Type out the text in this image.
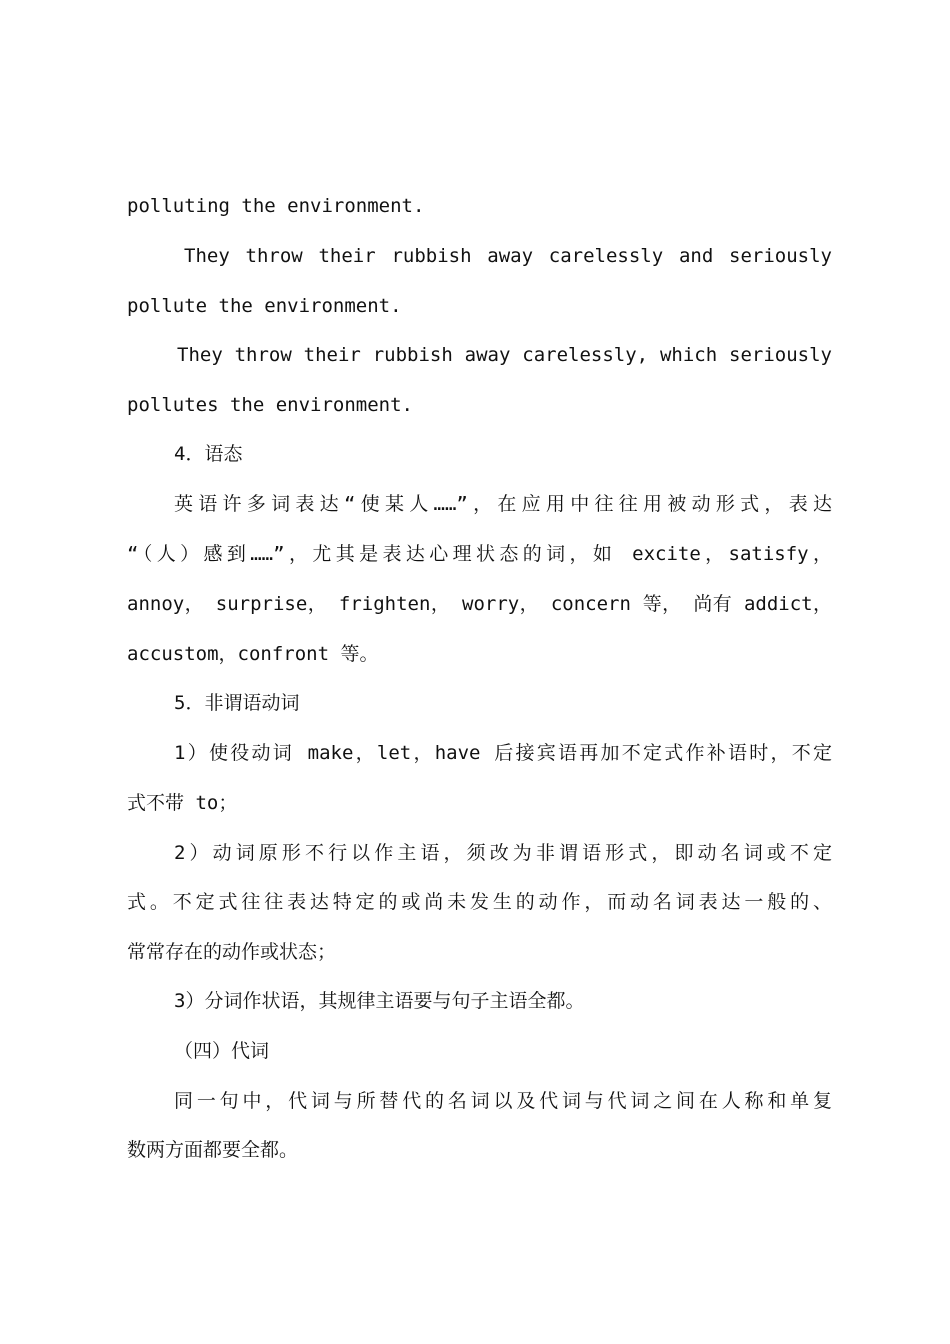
polluting the environment.
They throw their rubbish away carelessly and seriously
pollute the environment.
They throw their rubbish away carelessly, which seriously
pollutes the environment.
4．语态
英语许多词表达“使某人……”，在应用中往往用被动形式，表达
“（人）感到……”，尤其是表达心理状态的词，如 excite，satisfy，
annoy， surprise， frighten， worry， concern 等， 尚有 addict，
accustom，confront 等。
5．非谓语动词
1）使役动词 make，let，have 后接宾语再加不定式作补语时，不定
式不带 to；
2）动词原形不行以作主语，须改为非谓语形式，即动名词或不定
式。不定式往往表达特定的或尚未发生的动作，而动名词表达一般的、
常常存在的动作或状态；
3）分词作状语，其规律主语要与句子主语全都。
（四）代词
同一句中，代词与所替代的名词以及代词与代词之间在人称和单复
数两方面都要全都。
